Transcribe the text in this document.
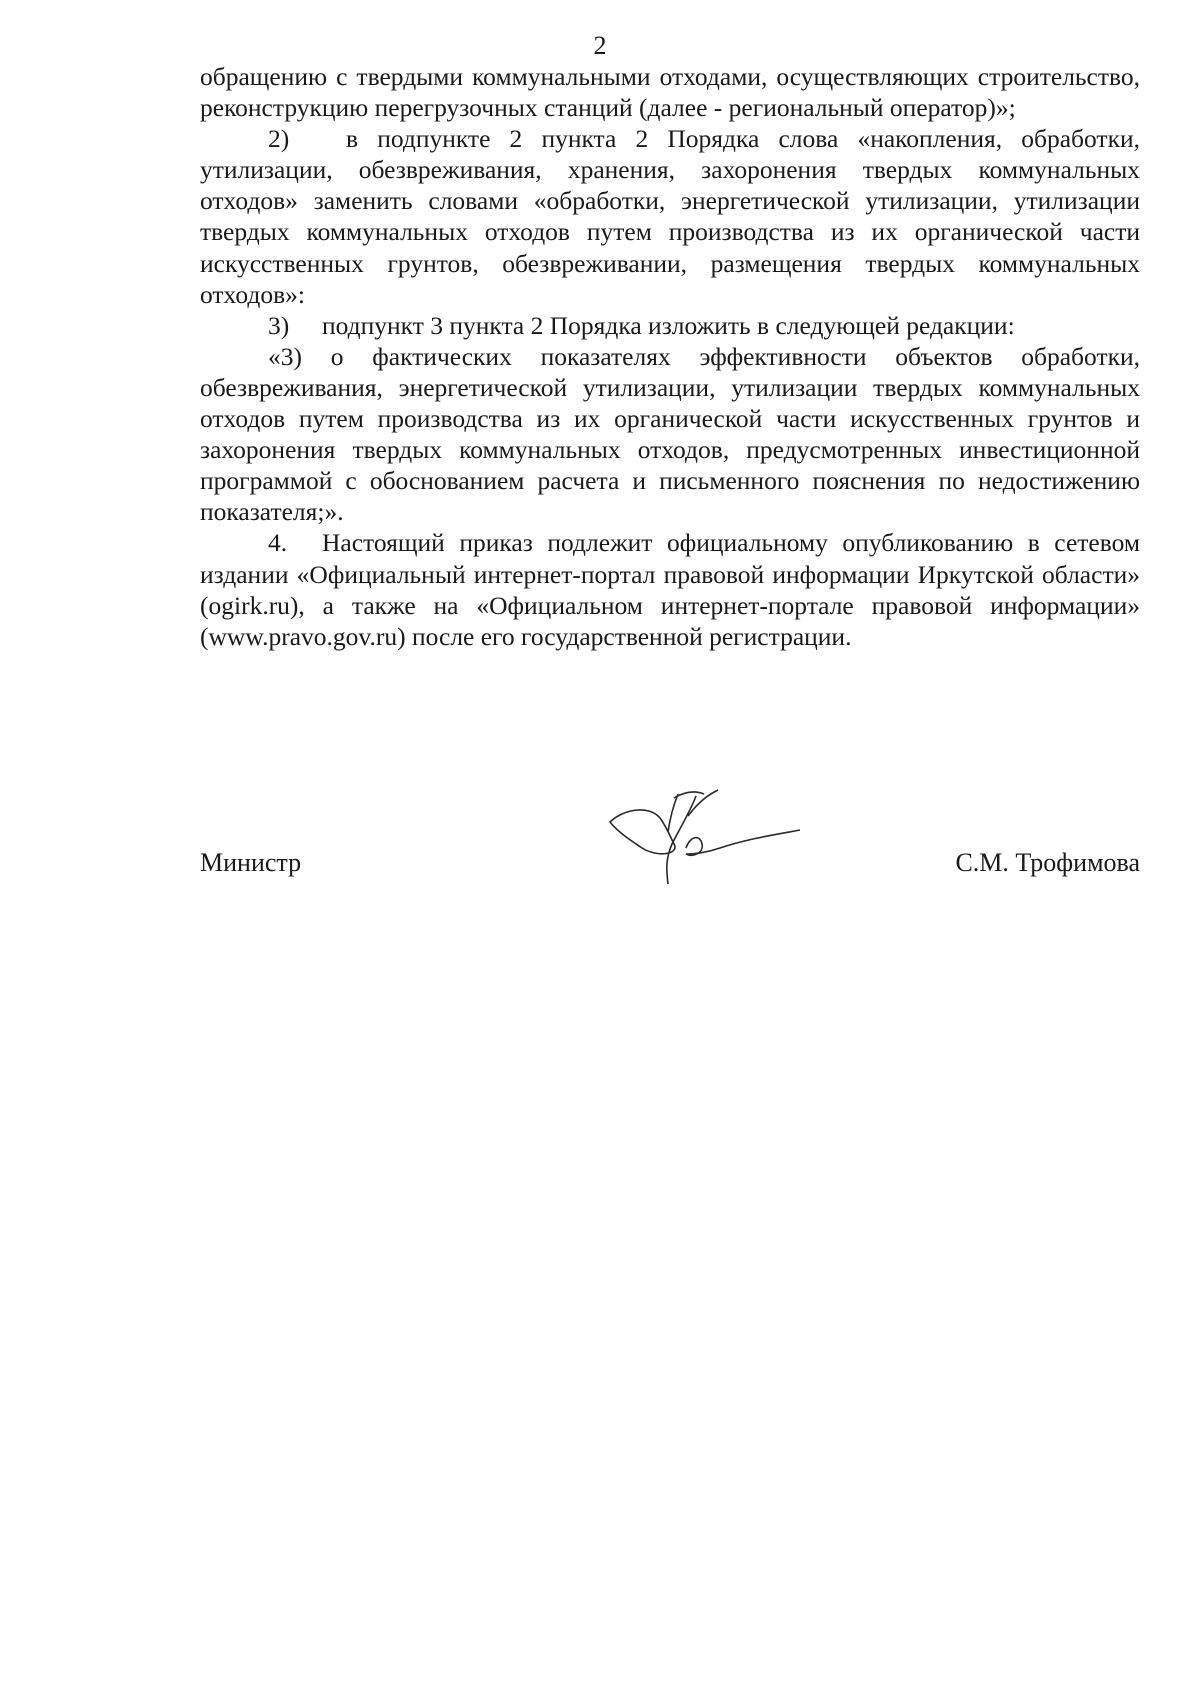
2

обращению с твердыми коммунальными отходами, осуществляющих строительство, реконструкцию перегрузочных станций (далее - региональный оператор)»;

2) в подпункте 2 пункта 2 Порядка слова «накопления, обработки, утилизации, обезвреживания, хранения, захоронения твердых коммунальных отходов» заменить словами «обработки, энергетической утилизации, утилизации твердых коммунальных отходов путем производства из их органической части искусственных грунтов, обезвреживании, размещения твердых коммунальных отходов»:

3) подпункт 3 пункта 2 Порядка изложить в следующей редакции:

«3) о фактических показателях эффективности объектов обработки, обезвреживания, энергетической утилизации, утилизации твердых коммунальных отходов путем производства из их органической части искусственных грунтов и захоронения твердых коммунальных отходов, предусмотренных инвестиционной программой с обоснованием расчета и письменного пояснения по недостижению показателя;».

4. Настоящий приказ подлежит официальному опубликованию в сетевом издании «Официальный интернет-портал правовой информации Иркутской области» (ogirk.ru), а также на «Официальном интернет-портале правовой информации» (www.pravo.gov.ru) после его государственной регистрации.

Министр	С.М. Трофимова
